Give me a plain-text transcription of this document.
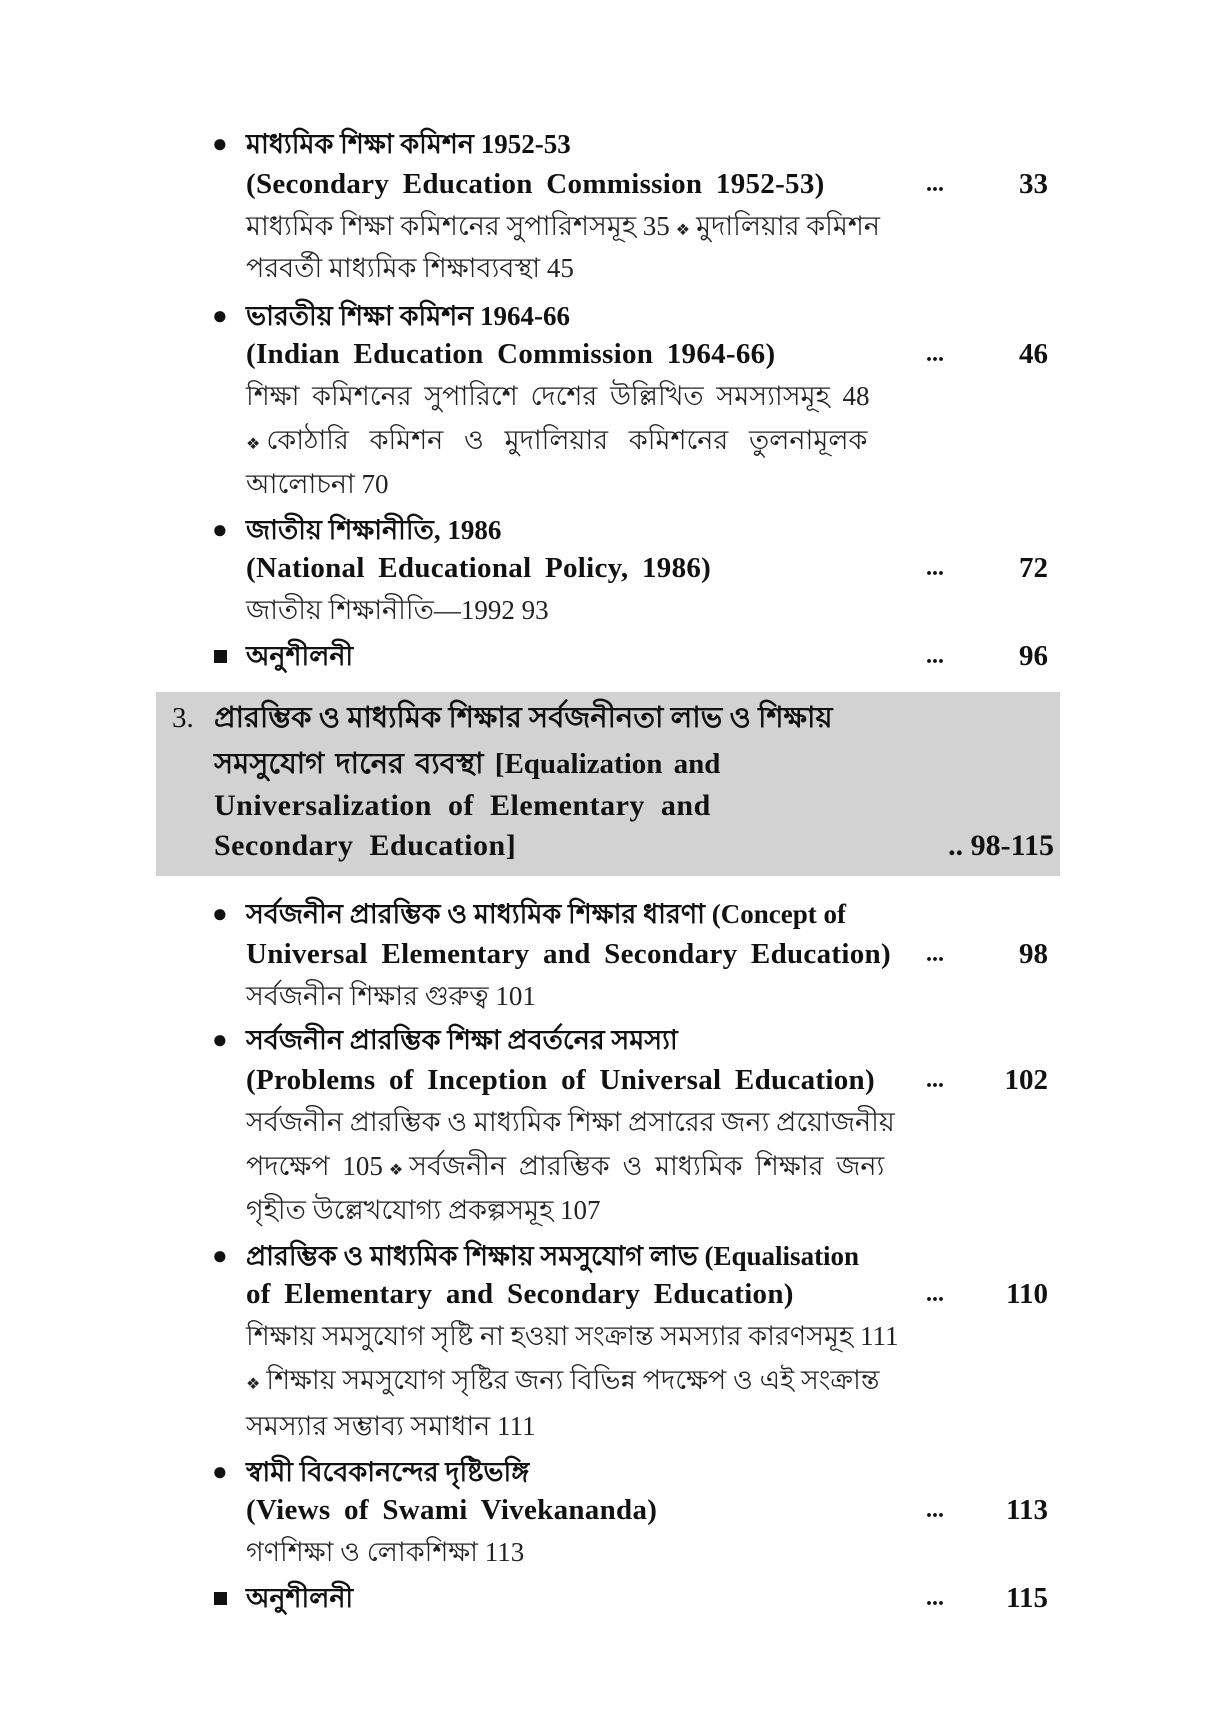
● মাধ্যমিক শিক্ষা কমিশন 1952-53
(Secondary Education Commission 1952-53)	...	33
মাধ্যমিক শিক্ষা কমিশনের সুপারিশসমূহ 35 ❖ মুদালিয়ার কমিশন
পরবর্তী মাধ্যমিক শিক্ষাব্যবস্থা 45
● ভারতীয় শিক্ষা কমিশন 1964-66
(Indian Education Commission 1964-66)	...	46
শিক্ষা কমিশনের সুপারিশে দেশের উল্লিখিত সমস্যাসমূহ 48
❖ কোঠারি কমিশন ও মুদালিয়ার কমিশনের তুলনামূলক
আলোচনা 70
● জাতীয় শিক্ষানীতি, 1986
(National Educational Policy, 1986)	...	72
জাতীয় শিক্ষানীতি—1992 93
অনুশীলনী	...	96
3. প্রারম্ভিক ও মাধ্যমিক শিক্ষার সর্বজনীনতা লাভ ও শিক্ষায়
সমসুযোগ দানের ব্যবস্থা [Equalization and
Universalization of Elementary and
Secondary Education]	.. 98-115
● সর্বজনীন প্রারম্ভিক ও মাধ্যমিক শিক্ষার ধারণা (Concept of
Universal Elementary and Secondary Education) ...	98
সর্বজনীন শিক্ষার গুরুত্ব 101
● সর্বজনীন প্রারম্ভিক শিক্ষা প্রবর্তনের সমস্যা
(Problems of Inception of Universal Education) ... 102
সর্বজনীন প্রারম্ভিক ও মাধ্যমিক শিক্ষা প্রসারের জন্য প্রয়োজনীয়
পদক্ষেপ 105 ❖ সর্বজনীন প্রারম্ভিক ও মাধ্যমিক শিক্ষার জন্য
গৃহীত উল্লেখযোগ্য প্রকল্পসমূহ 107
● প্রারম্ভিক ও মাধ্যমিক শিক্ষায় সমসুযোগ লাভ (Equalisation
of Elementary and Secondary Education)	... 110
শিক্ষায় সমসুযোগ সৃষ্টি না হওয়া সংক্রান্ত সমস্যার কারণসমূহ 111
❖ শিক্ষায় সমসুযোগ সৃষ্টির জন্য বিভিন্ন পদক্ষেপ ও এই সংক্রান্ত
সমস্যার সম্ভাব্য সমাধান 111
● স্বামী বিবেকানন্দের দৃষ্টিভঙ্গি
(Views of Swami Vivekananda)	... 113
গণশিক্ষা ও লোকশিক্ষা 113
অনুশীলনী	... 115
